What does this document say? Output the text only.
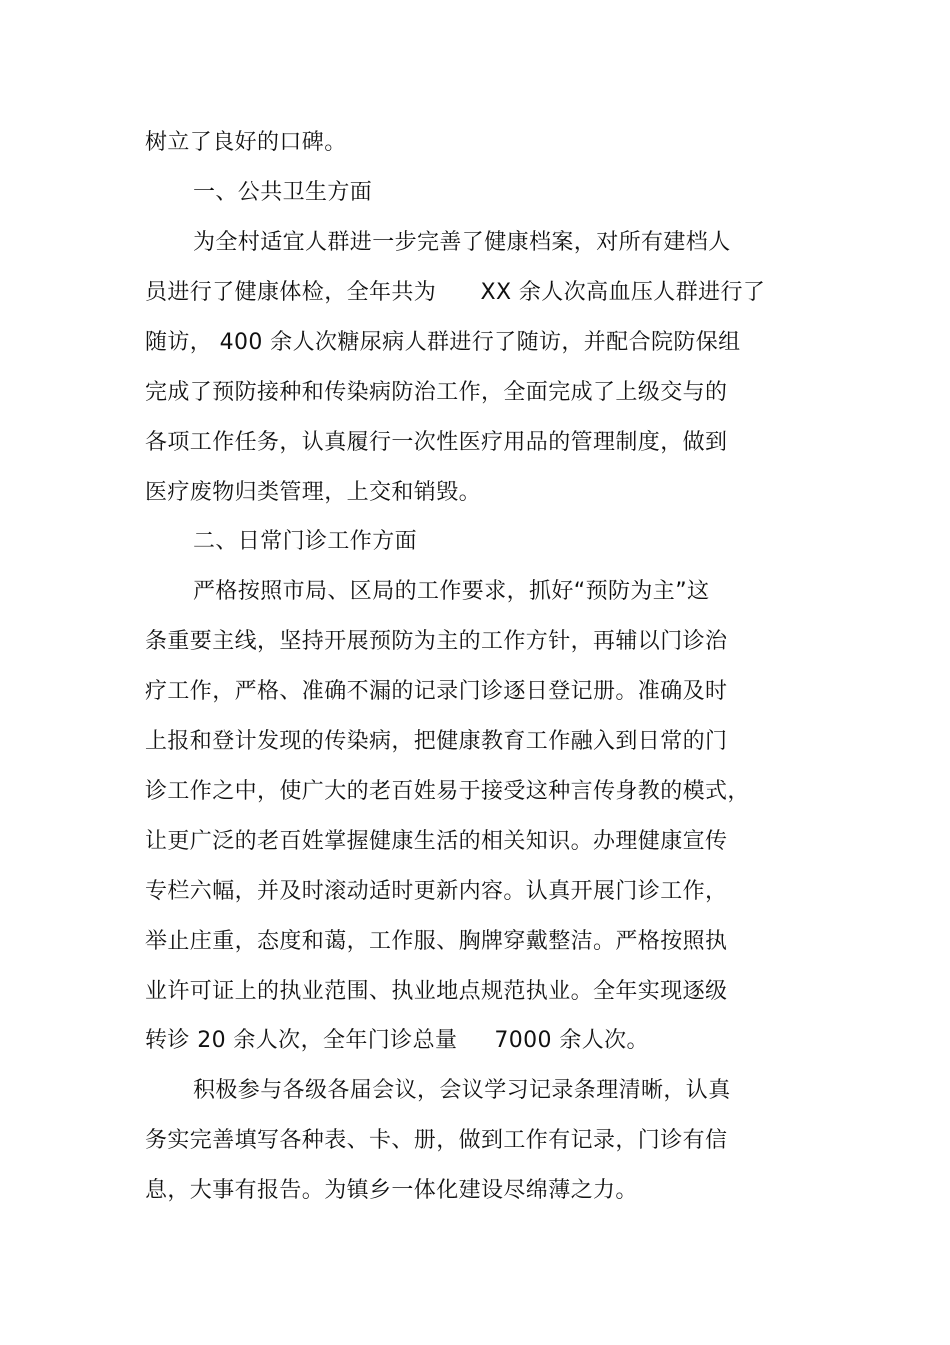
树立了良好的口碑。

一、公共卫生方面

为全村适宜人群进一步完善了健康档案，对所有建档人

员进行了健康体检，全年共为      XX 余人次高血压人群进行了

随访， 400 余人次糖尿病人群进行了随访，并配合院防保组

完成了预防接种和传染病防治工作，全面完成了上级交与的

各项工作任务，认真履行一次性医疗用品的管理制度，做到

医疗废物归类管理，上交和销毁。

二、日常门诊工作方面

严格按照市局、区局的工作要求，抓好“预防为主”这

条重要主线，坚持开展预防为主的工作方针，再辅以门诊治

疗工作，严格、准确不漏的记录门诊逐日登记册。准确及时

上报和登计发现的传染病，把健康教育工作融入到日常的门

诊工作之中，使广大的老百姓易于接受这种言传身教的模式，

让更广泛的老百姓掌握健康生活的相关知识。办理健康宣传

专栏六幅，并及时滚动适时更新内容。认真开展门诊工作，

举止庄重，态度和蔼，工作服、胸牌穿戴整洁。严格按照执

业许可证上的执业范围、执业地点规范执业。全年实现逐级

转诊 20 余人次，全年门诊总量     7000 余人次。

积极参与各级各届会议，会议学习记录条理清晰，认真

务实完善填写各种表、卡、册，做到工作有记录，门诊有信

息，大事有报告。为镇乡一体化建设尽绵薄之力。
